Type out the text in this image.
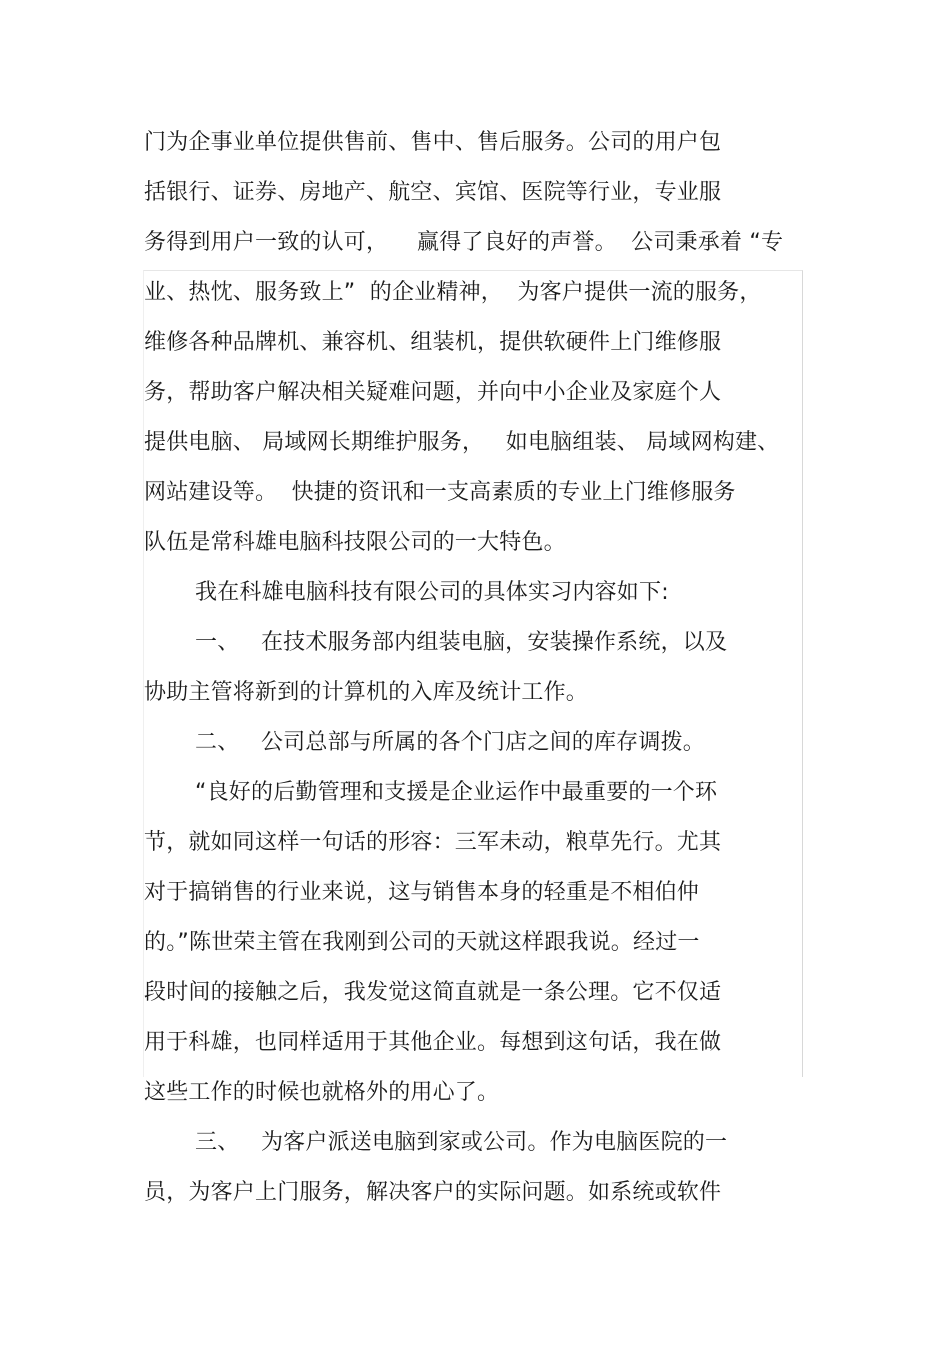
门为企事业单位提供售前、售中、售后服务。公司的用户包
括银行、证券、房地产、航空、宾馆、医院等行业，专业服
务得到用户一致的认可，    赢得了良好的声誉。  公司秉承着 “专
业、热忱、服务致上”  的企业精神，  为客户提供一流的服务，
维修各种品牌机、兼容机、组装机，提供软硬件上门维修服
务，帮助客户解决相关疑难问题，并向中小企业及家庭个人
提供电脑、 局域网长期维护服务，   如电脑组装、 局域网构建、
网站建设等。  快捷的资讯和一支高素质的专业上门维修服务
队伍是常科雄电脑科技限公司的一大特色。
我在科雄电脑科技有限公司的具体实习内容如下:
一、   在技术服务部内组装电脑，安装操作系统，以及
协助主管将新到的计算机的入库及统计工作。
二、   公司总部与所属的各个门店之间的库存调拨。
“良好的后勤管理和支援是企业运作中最重要的一个环
节，就如同这样一句话的形容：三军未动，粮草先行。尤其
对于搞销售的行业来说，这与销售本身的轻重是不相伯仲
的。”陈世荣主管在我刚到公司的天就这样跟我说。经过一
段时间的接触之后，我发觉这简直就是一条公理。它不仅适
用于科雄，也同样适用于其他企业。每想到这句话，我在做
这些工作的时候也就格外的用心了。
三、   为客户派送电脑到家或公司。作为电脑医院的一
员，为客户上门服务，解决客户的实际问题。如系统或软件
